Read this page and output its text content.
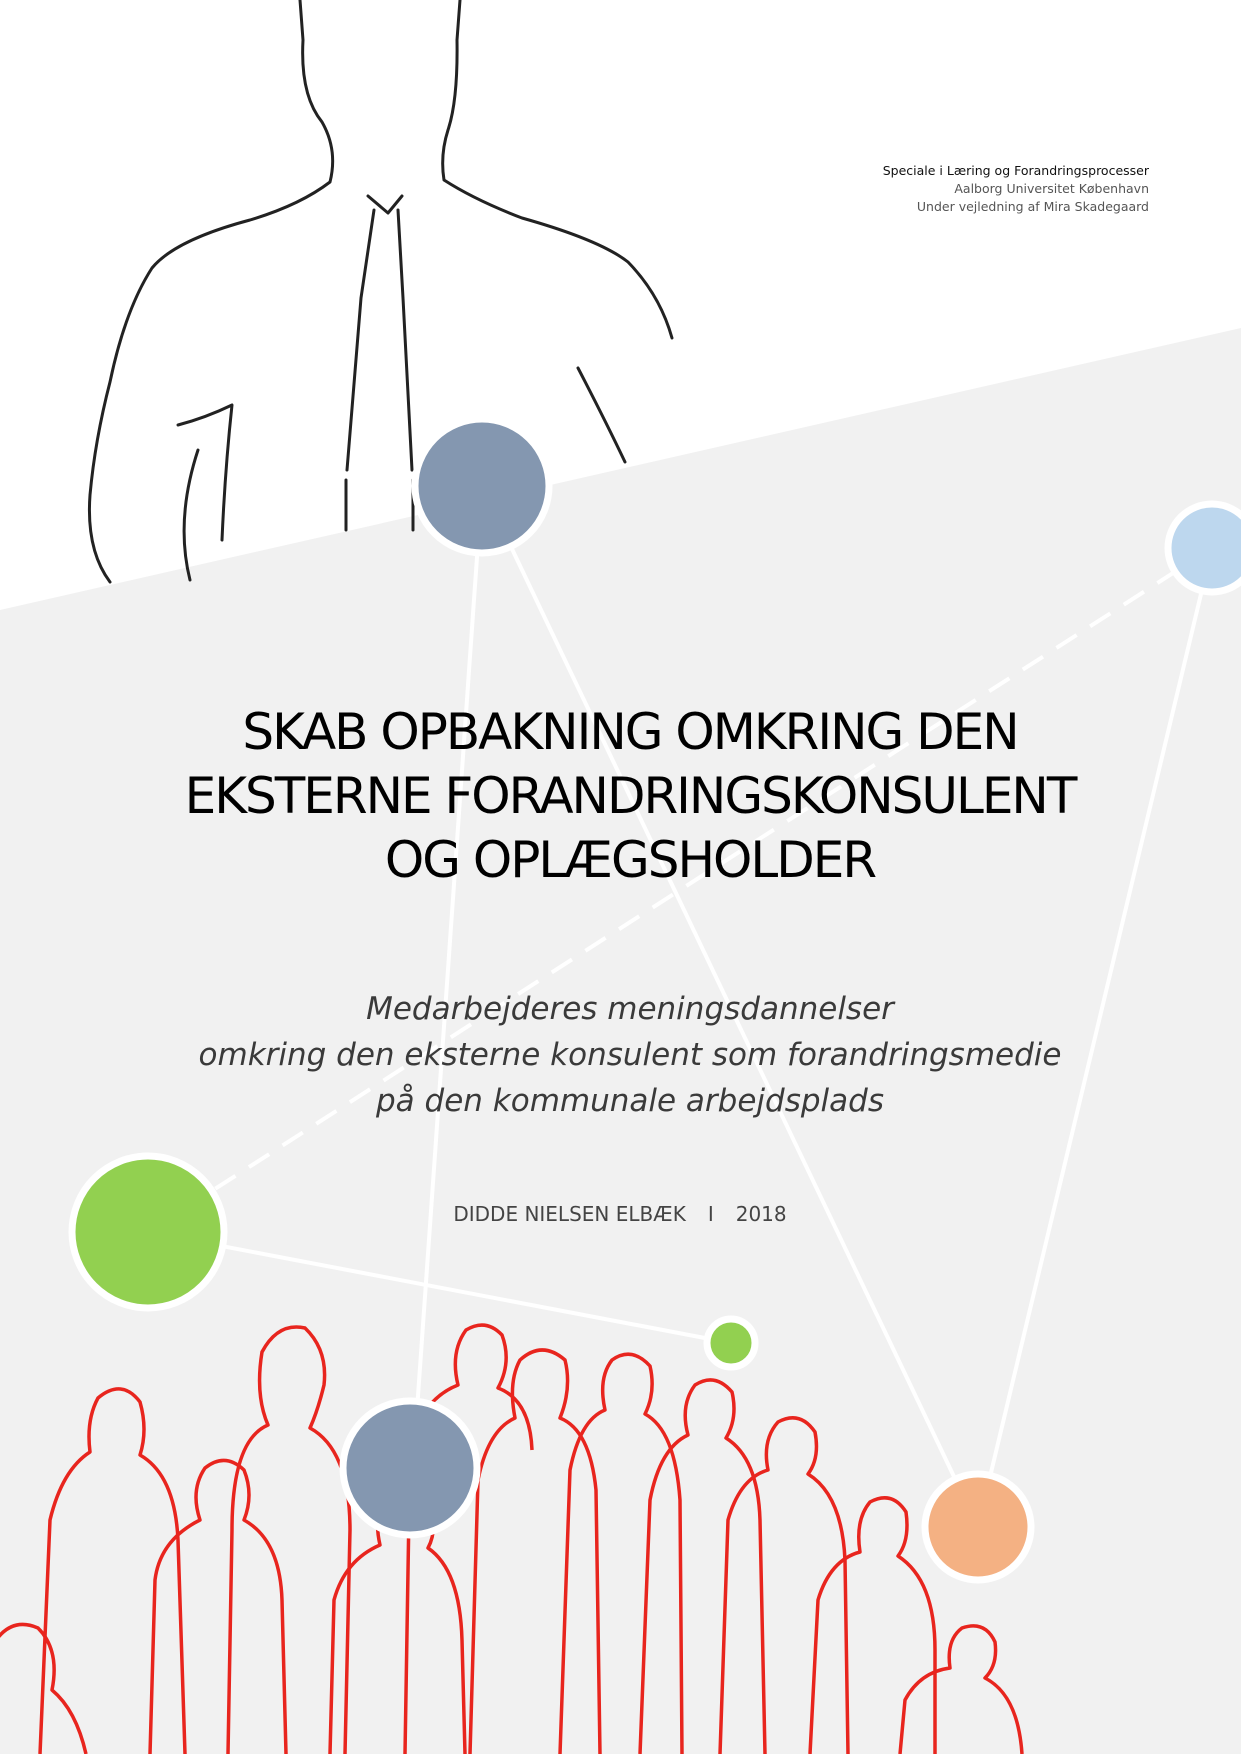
Speciale i Læring og Forandringsprocesser
Aalborg Universitet København
Under vejledning af Mira Skadegaard
SKAB OPBAKNING OMKRING DEN
EKSTERNE FORANDRINGSKONSULENT
OG OPLÆGSHOLDER
Medarbejderes meningsdannelser
omkring den eksterne konsulent som forandringsmedie
på den kommunale arbejdsplads
DIDDE NIELSEN ELBÆK I 2018
